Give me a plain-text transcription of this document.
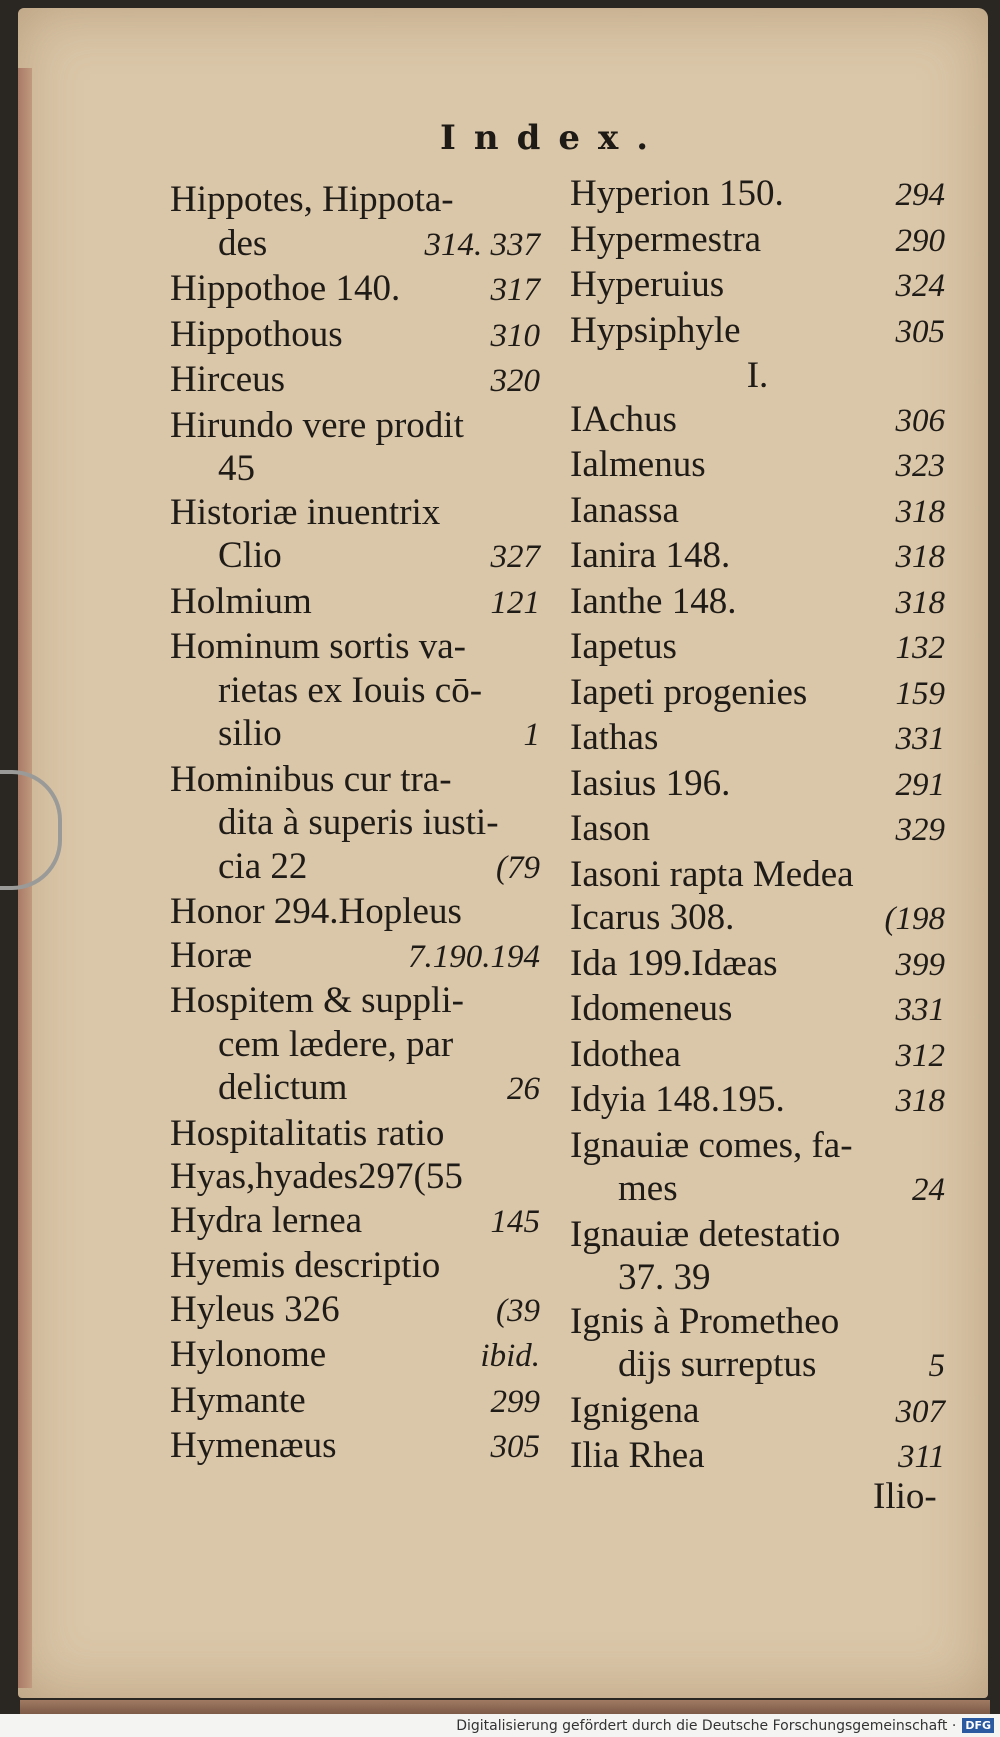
Index.
Hippotes, Hippota-
des	314. 337
Hippothoe 140.	317
Hippothous	310
Hirceus	320
Hirundo vere prodit
45
Historiæ inuentrix
Clio	327
Holmium	121
Hominum sortis va-
rietas ex Iouis cō-
silio	1
Hominibus cur tra-
dita à superis iusti-
cia 22	(79
Honor 294.Hopleus
Horæ	7.190.194
Hospitem & suppli-
cem lædere, par
delictum	26
Hospitalitatis ratio
Hyas,hyades297(55
Hydra lernea	145
Hyemis descriptio
Hyleus 326	(39
Hylonome	ibid.
Hymante	299
Hymenæus	305
Hyperion 150.	294
Hypermestra	290
Hyperuius	324
Hypsiphyle	305
I.
IAchus	306
Ialmenus	323
Ianassa	318
Ianira 148.	318
Ianthe 148.	318
Iapetus	132
Iapeti progenies	159
Iathas	331
Iasius 196.	291
Iason	329
Iasoni rapta Medea
Icarus 308.	(198
Ida 199.Idæas	399
Idomeneus	331
Idothea	312
Idyia 148.195.	318
Ignauiæ comes, fa-
mes	24
Ignauiæ detestatio
37. 39
Ignis à Prometheo
dijs surreptus	5
Ignigena	307
Ilia Rhea	311
Ilio-
Digitalisierung gefördert durch die Deutsche Forschungsgemeinschaft · DFG
